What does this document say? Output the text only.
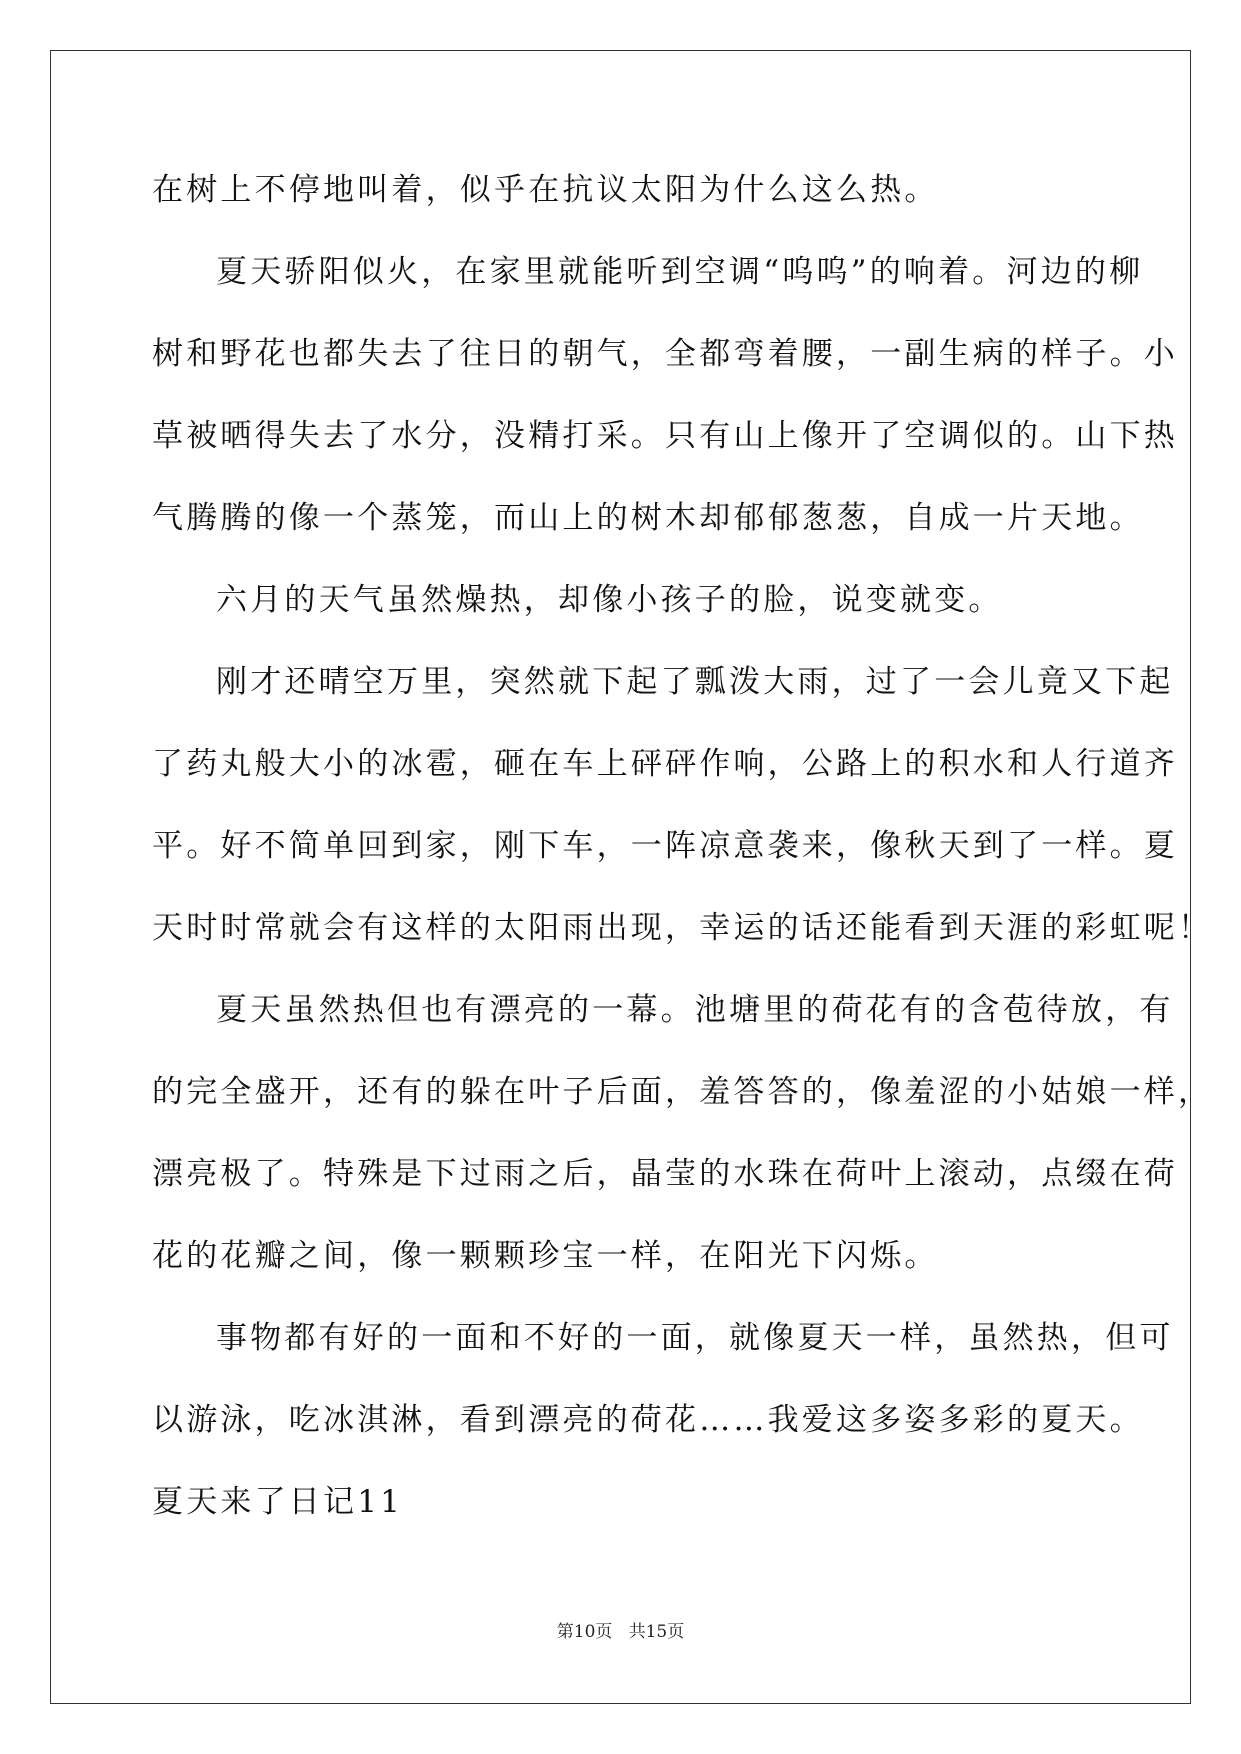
在树上不停地叫着，似乎在抗议太阳为什么这么热。
夏天骄阳似火，在家里就能听到空调“呜呜”的响着。河边的柳
树和野花也都失去了往日的朝气，全都弯着腰，一副生病的样子。小
草被晒得失去了水分，没精打采。只有山上像开了空调似的。山下热
气腾腾的像一个蒸笼，而山上的树木却郁郁葱葱，自成一片天地。
六月的天气虽然燥热，却像小孩子的脸，说变就变。
刚才还晴空万里，突然就下起了瓢泼大雨，过了一会儿竟又下起
了药丸般大小的冰雹，砸在车上砰砰作响，公路上的积水和人行道齐
平。好不简单回到家，刚下车，一阵凉意袭来，像秋天到了一样。夏
天时时常就会有这样的太阳雨出现，幸运的话还能看到天涯的彩虹呢！
夏天虽然热但也有漂亮的一幕。池塘里的荷花有的含苞待放，有
的完全盛开，还有的躲在叶子后面，羞答答的，像羞涩的小姑娘一样，
漂亮极了。特殊是下过雨之后，晶莹的水珠在荷叶上滚动，点缀在荷
花的花瓣之间，像一颗颗珍宝一样，在阳光下闪烁。
事物都有好的一面和不好的一面，就像夏天一样，虽然热，但可
以游泳，吃冰淇淋，看到漂亮的荷花……我爱这多姿多彩的夏天。
夏天来了日记11
第10页   共15页
